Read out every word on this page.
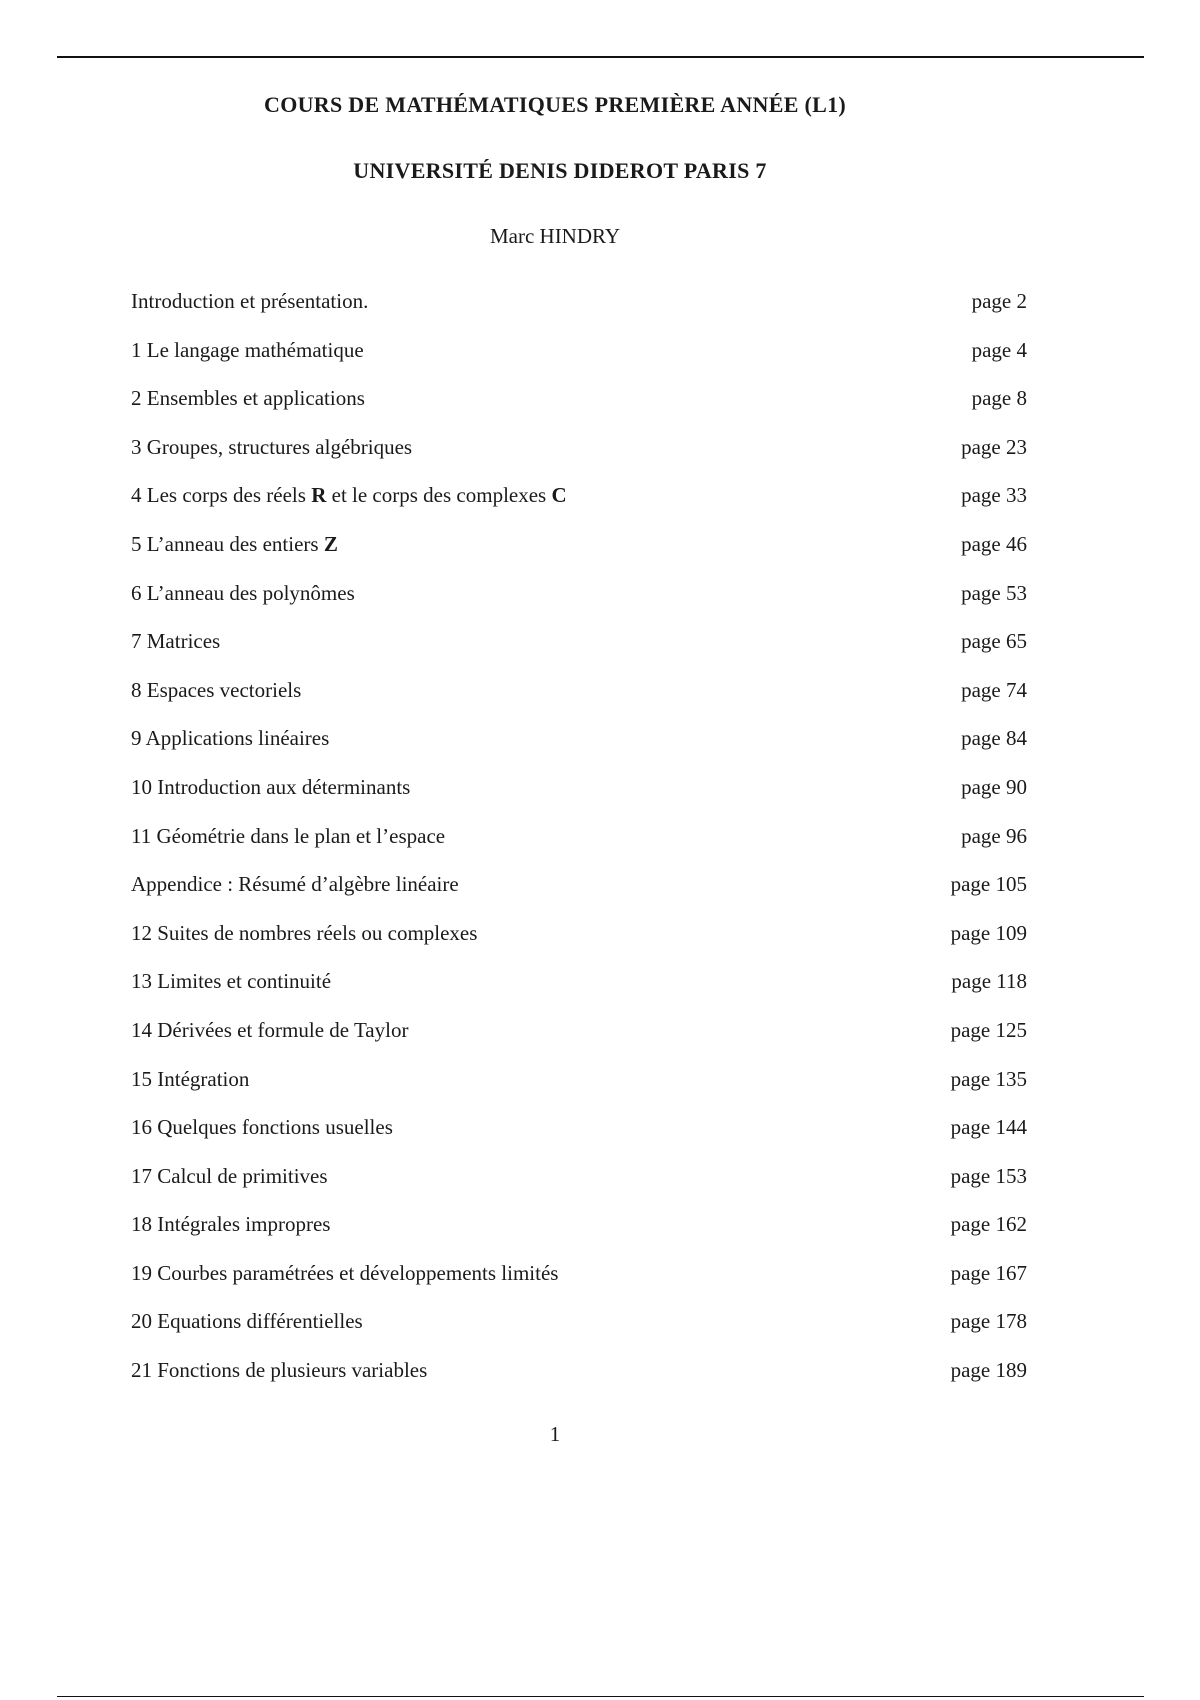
COURS DE MATHÉMATIQUES PREMIÈRE ANNÉE (L1)
UNIVERSITÉ DENIS DIDEROT PARIS 7
Marc HINDRY
Introduction et présentation.	page 2
1 Le langage mathématique	page 4
2 Ensembles et applications	page 8
3 Groupes, structures algébriques	page 23
4 Les corps des réels R et le corps des complexes C	page 33
5 L’anneau des entiers Z	page 46
6 L’anneau des polynômes	page 53
7 Matrices	page 65
8 Espaces vectoriels	page 74
9 Applications linéaires	page 84
10 Introduction aux déterminants	page 90
11 Géométrie dans le plan et l’espace	page 96
Appendice : Résumé d’algèbre linéaire	page 105
12 Suites de nombres réels ou complexes	page 109
13 Limites et continuité	page 118
14 Dérivées et formule de Taylor	page 125
15 Intégration	page 135
16 Quelques fonctions usuelles	page 144
17 Calcul de primitives	page 153
18 Intégrales impropres	page 162
19 Courbes paramétrées et développements limités	page 167
20 Equations différentielles	page 178
21 Fonctions de plusieurs variables	page 189
1
